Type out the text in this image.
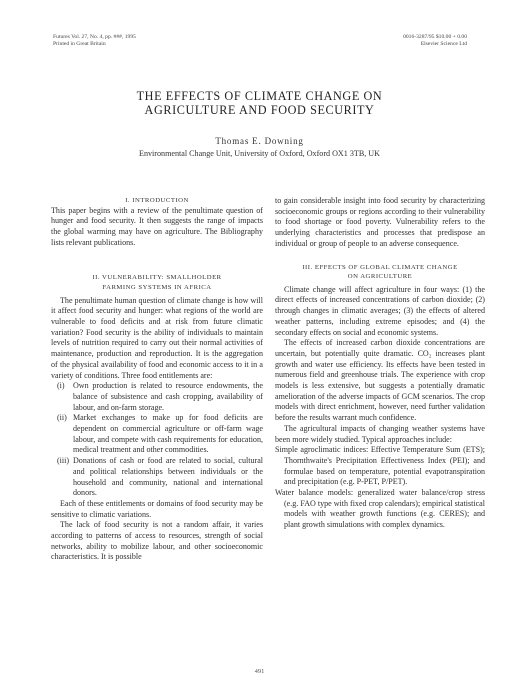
Futures Vol. 27, No. 4, pp. ###, 1995
Printed in Great Britain
0016-3287/95 $10.00 + 0.00
Elsevier Science Ltd
THE EFFECTS OF CLIMATE CHANGE ON
AGRICULTURE AND FOOD SECURITY
Thomas E. Downing
Environmental Change Unit, University of Oxford, Oxford OX1 3TB, UK

I. INTRODUCTION

This paper begins with a review of the penultimate question of hunger and food security. It then suggests the range of impacts the global warming may have on agriculture. The Bibliography lists relevant publications.

II. VULNERABILITY: SMALLHOLDER
FARMING SYSTEMS IN AFRICA

The penultimate human question of climate change is how will it affect food security and hunger: what regions of the world are vulnerable to food deficits and at risk from future climatic variation? Food security is the ability of individuals to maintain levels of nutrition required to carry out their normal activities of maintenance, production and reproduction. It is the aggregation of the physical availability of food and economic access to it in a variety of conditions. Three food entitlements are:

(i)	Own production is related to resource endowments, the balance of subsistence and cash cropping, availability of labour, and on-farm storage.
(ii) Market exchanges to make up for food deficits are dependent on commercial agriculture or off-farm wage labour, and compete with cash requirements for education, medical treatment and other commodities.
(iii) Donations of cash or food are related to social, cultural and political relationships between individuals or the household and community, national and international donors.

Each of these entitlements or domains of food security may be sensitive to climatic variations.

The lack of food security is not a random affair, it varies according to patterns of access to resources, strength of social networks, ability to mobilize labour, and other socioeconomic characteristics. It is possible

to gain considerable insight into food security by characterizing socioeconomic groups or regions according to their vulnerability to food shortage or food poverty. Vulnerability refers to the underlying characteristics and processes that predispose an individual or group of people to an adverse consequence.

III. EFFECTS OF GLOBAL CLIMATE CHANGE
ON AGRICULTURE

Climate change will affect agriculture in four ways: (1) the direct effects of increased concentrations of carbon dioxide; (2) through changes in climatic averages; (3) the effects of altered weather patterns, including extreme episodes; and (4) the secondary effects on social and economic systems.

The effects of increased carbon dioxide concentrations are uncertain, but potentially quite dramatic. CO₂ increases plant growth and water use efficiency. Its effects have been tested in numerous field and greenhouse trials. The experience with crop models is less extensive, but suggests a potentially dramatic amelioration of the adverse impacts of GCM scenarios. The crop models with direct enrichment, however, need further validation before the results warrant much confidence.

The agricultural impacts of changing weather systems have been more widely studied. Typical approaches include:

Simple agroclimatic indices: Effective Temperature Sum (ETS); Thornthwaite's Precipitation Effectiveness Index (PEI); and formulae based on temperature, potential evapotranspiration and precipitation (e.g. P-PET, P/PET).

Water balance models: generalized water balance/crop stress (e.g. FAO type with fixed crop calendars); empirical statistical models with weather growth functions (e.g. CERES); and plant growth simulations with complex dynamics.

491
